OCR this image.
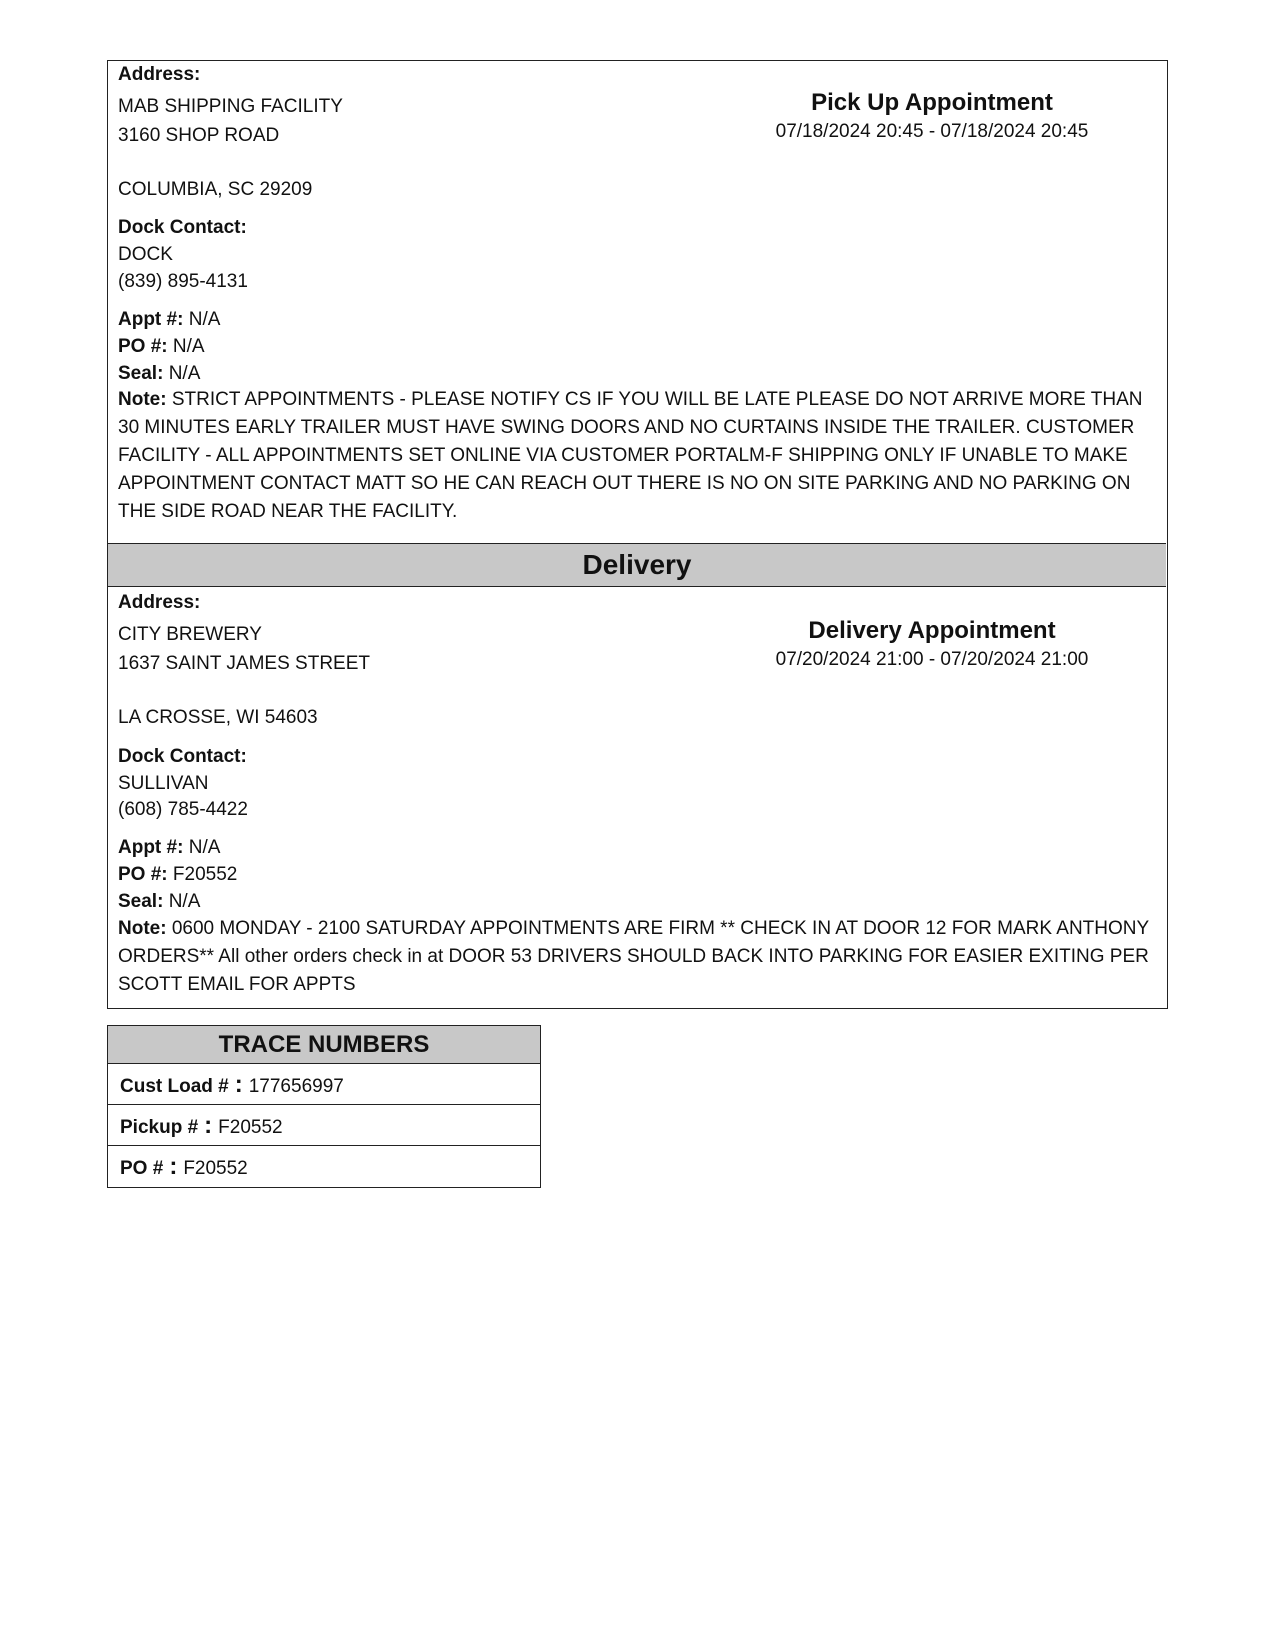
Address:
MAB SHIPPING FACILITY
3160 SHOP ROAD
COLUMBIA, SC 29209
Pick Up Appointment
07/18/2024 20:45 - 07/18/2024 20:45
Dock Contact:
DOCK
(839) 895-4131
Appt #: N/A
PO #: N/A
Seal: N/A
Note: STRICT APPOINTMENTS - PLEASE NOTIFY CS IF YOU WILL BE LATE PLEASE DO NOT ARRIVE MORE THAN 30 MINUTES EARLY TRAILER MUST HAVE SWING DOORS AND NO CURTAINS INSIDE THE TRAILER. CUSTOMER FACILITY - ALL APPOINTMENTS SET ONLINE VIA CUSTOMER PORTALM-F SHIPPING ONLY IF UNABLE TO MAKE APPOINTMENT CONTACT MATT SO HE CAN REACH OUT THERE IS NO ON SITE PARKING AND NO PARKING ON THE SIDE ROAD NEAR THE FACILITY.
Delivery
Address:
CITY BREWERY
1637 SAINT JAMES STREET
LA CROSSE, WI 54603
Delivery Appointment
07/20/2024 21:00 - 07/20/2024 21:00
Dock Contact:
SULLIVAN
(608) 785-4422
Appt #: N/A
PO #: F20552
Seal: N/A
Note: 0600 MONDAY - 2100 SATURDAY APPOINTMENTS ARE FIRM ** CHECK IN AT DOOR 12 FOR MARK ANTHONY ORDERS** All other orders check in at DOOR 53 DRIVERS SHOULD BACK INTO PARKING FOR EASIER EXITING PER SCOTT EMAIL FOR APPTS
TRACE NUMBERS
Cust Load # : 177656997
Pickup # : F20552
PO # : F20552
